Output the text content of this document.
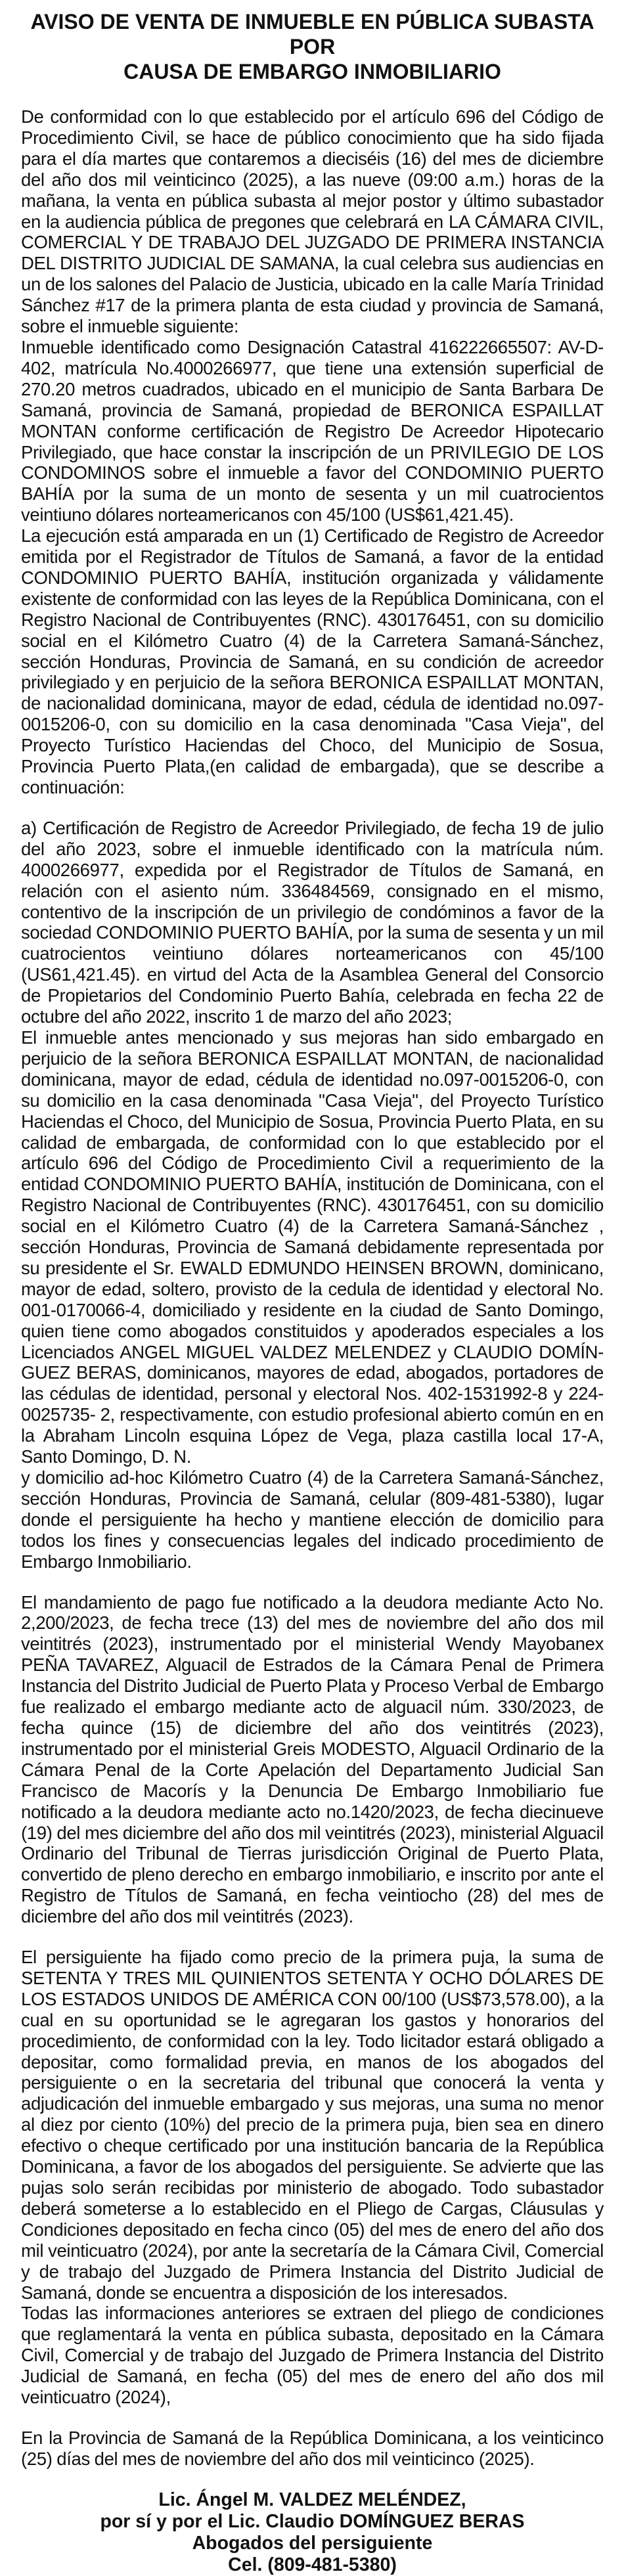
AVISO DE VENTA DE INMUEBLE EN PÚBLICA SUBASTA POR
CAUSA DE EMBARGO INMOBILIARIO

De conformidad con lo que establecido por el artículo 696 del Código de Procedimiento Civil, se hace de público conocimiento que ha sido fijada para el día martes que contaremos a dieciséis (16) del mes de diciembre del año dos mil veinticinco (2025), a las nueve (09:00 a.m.) horas de la mañana, la venta en pública subasta al mejor postor y último subastador en la audiencia pública de pregones que celebrará en LA CÁMARA CIVIL, COMERCIAL Y DE TRABAJO DEL JUZGADO DE PRIMERA INSTANCIA DEL DISTRITO JUDICIAL DE SAMANA, la cual celebra sus audiencias en un de los salones del Palacio de Justicia, ubicado en la calle María Trinidad Sánchez #17 de la primera planta de esta ciudad y provincia de Samaná, sobre el inmueble siguiente:

Inmueble identificado como Designación Catastral 416222665507: AV-D-402, matrícula No.4000266977, que tiene una extensión superficial de 270.20 metros cuadrados, ubicado en el municipio de Santa Barbara De Samaná, provincia de Samaná, propiedad de BERONICA ESPAILLAT MONTAN conforme certificación de Registro De Acreedor Hipotecario Privilegiado, que hace constar la inscripción de un PRIVILEGIO DE LOS CONDOMINOS sobre el inmueble a favor del CONDOMINIO PUERTO BAHÍA por la suma de un monto de sesenta y un mil cuatrocientos veintiuno dólares norteamericanos con 45/100 (US$61,421.45).

La ejecución está amparada en un (1) Certificado de Registro de Acreedor emitida por el Registrador de Títulos de Samaná, a favor de la entidad CONDOMINIO PUERTO BAHÍA, institución organizada y válidamente existente de conformidad con las leyes de la República Dominicana, con el Registro Nacional de Contribuyentes (RNC). 430176451, con su domicilio social en el Kilómetro Cuatro (4) de la Carretera Samaná-Sánchez, sección Honduras, Provincia de Samaná, en su condición de acreedor privilegiado y en perjuicio de la señora BERONICA ESPAILLAT MONTAN, de nacionalidad dominicana, mayor de edad, cédula de identidad no.097-0015206-0, con su domicilio en la casa denominada "Casa Vieja", del Proyecto Turístico Haciendas del Choco, del Municipio de Sosua, Provincia Puerto Plata,(en calidad de embargada), que se describe a continuación:

a) Certificación de Registro de Acreedor Privilegiado, de fecha 19 de julio del año 2023, sobre el inmueble identificado con la matrícula núm. 4000266977, expedida por el Registrador de Títulos de Samaná, en relación con el asiento núm. 336484569, consignado en el mismo, contentivo de la inscripción de un privilegio de condóminos a favor de la sociedad CONDOMINIO PUERTO BAHÍA, por la suma de sesenta y un mil cuatrocientos veintiuno dólares norteamericanos con 45/100 (US61,421.45). en virtud del Acta de la Asamblea General del Consorcio de Propietarios del Condominio Puerto Bahía, celebrada en fecha 22 de octubre del año 2022, inscrito 1 de marzo del año 2023;

El inmueble antes mencionado y sus mejoras han sido embargado en perjuicio de la señora BERONICA ESPAILLAT MONTAN, de nacionalidad dominicana, mayor de edad, cédula de identidad no.097-0015206-0, con su domicilio en la casa denominada "Casa Vieja", del Proyecto Turístico Haciendas el Choco, del Municipio de Sosua, Provincia Puerto Plata, en su calidad de embargada, de conformidad con lo que establecido por el artículo 696 del Código de Procedimiento Civil a requerimiento de la entidad CONDOMINIO PUERTO BAHÍA, institución de Dominicana, con el Registro Nacional de Contribuyentes (RNC). 430176451, con su domicilio social en el Kilómetro Cuatro (4) de la Carretera Samaná-Sánchez , sección Honduras, Provincia de Samaná debidamente representada por su presidente el Sr. EWALD EDMUNDO HEINSEN BROWN, dominicano, mayor de edad, soltero, provisto de la cedula de identidad y electoral No. 001-0170066-4, domiciliado y residente en la ciudad de Santo Domingo, quien tiene como abogados constituidos y apoderados especiales a los Licenciados ANGEL MIGUEL VALDEZ MELENDEZ y CLAUDIO DOMÍN-GUEZ BERAS, dominicanos, mayores de edad, abogados, portadores de las cédulas de identidad, personal y electoral Nos. 402-1531992-8 y 224-0025735- 2, respectivamente, con estudio profesional abierto común en en la Abraham Lincoln esquina López de Vega, plaza castilla local 17-A, Santo Domingo, D. N.

y domicilio ad-hoc Kilómetro Cuatro (4) de la Carretera Samaná-Sánchez, sección Honduras, Provincia de Samaná, celular (809-481-5380), lugar donde el persiguiente ha hecho y mantiene elección de domicilio para todos los fines y consecuencias legales del indicado procedimiento de Embargo Inmobiliario.

El mandamiento de pago fue notificado a la deudora mediante Acto No. 2,200/2023, de fecha trece (13) del mes de noviembre del año dos mil veintitrés (2023), instrumentado por el ministerial Wendy Mayobanex PEÑA TAVAREZ, Alguacil de Estrados de la Cámara Penal de Primera Instancia del Distrito Judicial de Puerto Plata y Proceso Verbal de Embargo fue realizado el embargo mediante acto de alguacil núm. 330/2023, de fecha quince (15) de diciembre del año dos veintitrés (2023), instrumentado por el ministerial Greis MODESTO, Alguacil Ordinario de la Cámara Penal de la Corte Apelación del Departamento Judicial San Francisco de Macorís y la Denuncia De Embargo Inmobiliario fue notificado a la deudora mediante acto no.1420/2023, de fecha diecinueve (19) del mes diciembre del año dos mil veintitrés (2023), ministerial Alguacil Ordinario del Tribunal de Tierras jurisdicción Original de Puerto Plata, convertido de pleno derecho en embargo inmobiliario, e inscrito por ante el Registro de Títulos de Samaná, en fecha veintiocho (28) del mes de diciembre del año dos mil veintitrés (2023).

El persiguiente ha fijado como precio de la primera puja, la suma de SETENTA Y TRES MIL QUINIENTOS SETENTA Y OCHO DÓLARES DE LOS ESTADOS UNIDOS DE AMÉRICA CON 00/100 (US$73,578.00), a la cual en su oportunidad se le agregaran los gastos y honorarios del procedimiento, de conformidad con la ley. Todo licitador estará obligado a depositar, como formalidad previa, en manos de los abogados del persiguiente o en la secretaria del tribunal que conocerá la venta y adjudicación del inmueble embargado y sus mejoras, una suma no menor al diez por ciento (10%) del precio de la primera puja, bien sea en dinero efectivo o cheque certificado por una institución bancaria de la República Dominicana, a favor de los abogados del persiguiente. Se advierte que las pujas solo serán recibidas por ministerio de abogado. Todo subastador deberá someterse a lo establecido en el Pliego de Cargas, Cláusulas y Condiciones depositado en fecha cinco (05) del mes de enero del año dos mil veinticuatro (2024), por ante la secretaría de la Cámara Civil, Comercial y de trabajo del Juzgado de Primera Instancia del Distrito Judicial de Samaná, donde se encuentra a disposición de los interesados.

Todas las informaciones anteriores se extraen del pliego de condiciones que reglamentará la venta en pública subasta, depositado en la Cámara Civil, Comercial y de trabajo del Juzgado de Primera Instancia del Distrito Judicial de Samaná, en fecha (05) del mes de enero del año dos mil veinticuatro (2024),

En la Provincia de Samaná de la República Dominicana, a los veinticinco (25) días del mes de noviembre del año dos mil veinticinco (2025).

Lic. Ángel M. VALDEZ MELÉNDEZ,
por sí y por el Lic. Claudio DOMÍNGUEZ BERAS
Abogados del persiguiente
Cel. (809-481-5380)
